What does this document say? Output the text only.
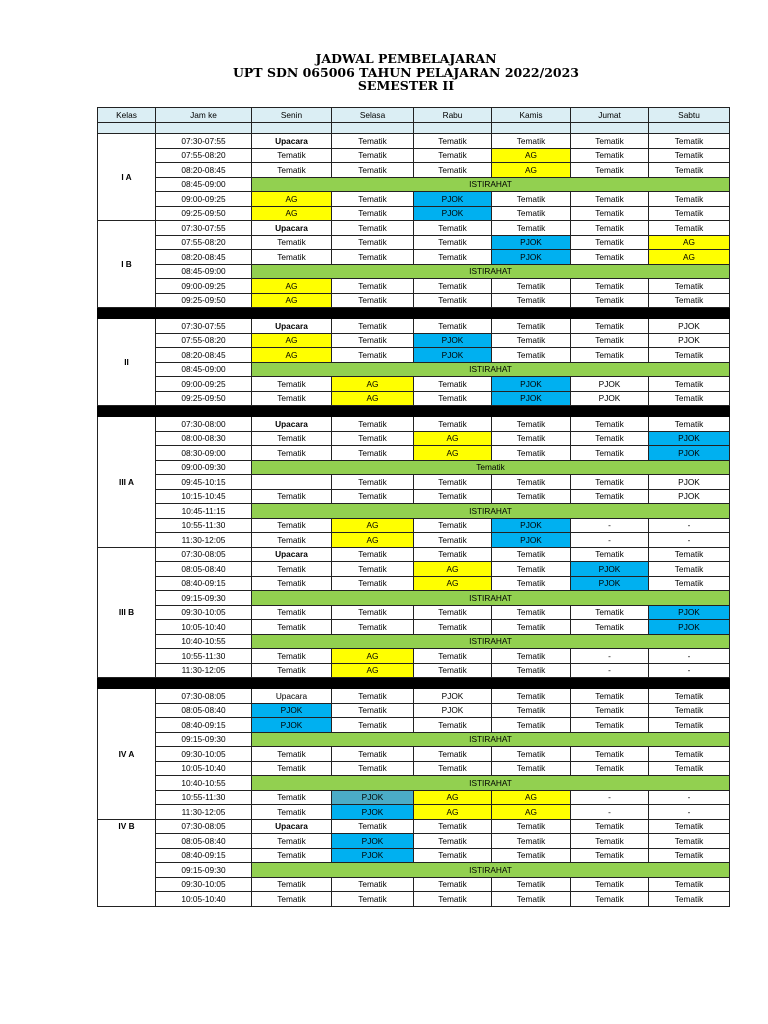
JADWAL PEMBELAJARAN
UPT SDN 065006 TAHUN PELAJARAN 2022/2023
SEMESTER II
Kelas	Jam ke	Senin	Selasa	Rabu	Kamis	Jumat	Sabtu

I A	07:30-07:55	Upacara	Tematik	Tematik	Tematik	Tematik	Tematik
	07:55-08:20	Tematik	Tematik	Tematik	AG	Tematik	Tematik
	08:20-08:45	Tematik	Tematik	Tematik	AG	Tematik	Tematik
	08:45-09:00	ISTIRAHAT					
	09:00-09:25	AG	Tematik	PJOK	Tematik	Tematik	Tematik
	09:25-09:50	AG	Tematik	PJOK	Tematik	Tematik	Tematik
I B	07:30-07:55	Upacara	Tematik	Tematik	Tematik	Tematik	Tematik
	07:55-08:20	Tematik	Tematik	Tematik	PJOK	Tematik	AG
	08:20-08:45	Tematik	Tematik	Tematik	PJOK	Tematik	AG
	08:45-09:00	ISTIRAHAT					
	09:00-09:25	AG	Tematik	Tematik	Tematik	Tematik	Tematik
	09:25-09:50	AG	Tematik	Tematik	Tematik	Tematik	Tematik

II	07:30-07:55	Upacara	Tematik	Tematik	Tematik	Tematik	PJOK
	07:55-08:20	AG	Tematik	PJOK	Tematik	Tematik	PJOK
	08:20-08:45	AG	Tematik	PJOK	Tematik	Tematik	Tematik
	08:45-09:00	ISTIRAHAT					
	09:00-09:25	Tematik	AG	Tematik	PJOK	PJOK	Tematik
	09:25-09:50	Tematik	AG	Tematik	PJOK	PJOK	Tematik

III A	07:30-08:00	Upacara	Tematik	Tematik	Tematik	Tematik	Tematik
	08:00-08:30	Tematik	Tematik	AG	Tematik	Tematik	PJOK
	08:30-09:00	Tematik	Tematik	AG	Tematik	Tematik	PJOK
	09:00-09:30	Tematik					
	09:45-10:15		Tematik	Tematik	Tematik	Tematik	PJOK
	10:15-10:45	Tematik	Tematik	Tematik	Tematik	Tematik	PJOK
	10:45-11:15	ISTIRAHAT					
	10:55-11:30	Tematik	AG	Tematik	PJOK	-	-
	11:30-12:05	Tematik	AG	Tematik	PJOK	-	-
III B	07:30-08:05	Upacara	Tematik	Tematik	Tematik	Tematik	Tematik
	08:05-08:40	Tematik	Tematik	AG	Tematik	PJOK	Tematik
	08:40-09:15	Tematik	Tematik	AG	Tematik	PJOK	Tematik
	09:15-09:30	ISTIRAHAT					
	09:30-10:05	Tematik	Tematik	Tematik	Tematik	Tematik	PJOK
	10:05-10:40	Tematik	Tematik	Tematik	Tematik	Tematik	PJOK
	10:40-10:55	ISTIRAHAT					
	10:55-11:30	Tematik	AG	Tematik	Tematik	-	-
	11:30-12:05	Tematik	AG	Tematik	Tematik	-	-

IV A	07:30-08:05	Upacara	Tematik	PJOK	Tematik	Tematik	Tematik
	08:05-08:40	PJOK	Tematik	PJOK	Tematik	Tematik	Tematik
	08:40-09:15	PJOK	Tematik	Tematik	Tematik	Tematik	Tematik
	09:15-09:30	ISTIRAHAT					
	09:30-10:05	Tematik	Tematik	Tematik	Tematik	Tematik	Tematik
	10:05-10:40	Tematik	Tematik	Tematik	Tematik	Tematik	Tematik
	10:40-10:55	ISTIRAHAT					
	10:55-11:30	Tematik	PJOK	AG	AG	-	-
	11:30-12:05	Tematik	PJOK	AG	AG	-	-
IV B	07:30-08:05	Upacara	Tematik	Tematik	Tematik	Tematik	Tematik
	08:05-08:40	Tematik	PJOK	Tematik	Tematik	Tematik	Tematik
	08:40-09:15	Tematik	PJOK	Tematik	Tematik	Tematik	Tematik
	09:15-09:30	ISTIRAHAT					
	09:30-10:05	Tematik	Tematik	Tematik	Tematik	Tematik	Tematik
	10:05-10:40	Tematik	Tematik	Tematik	Tematik	Tematik	Tematik
